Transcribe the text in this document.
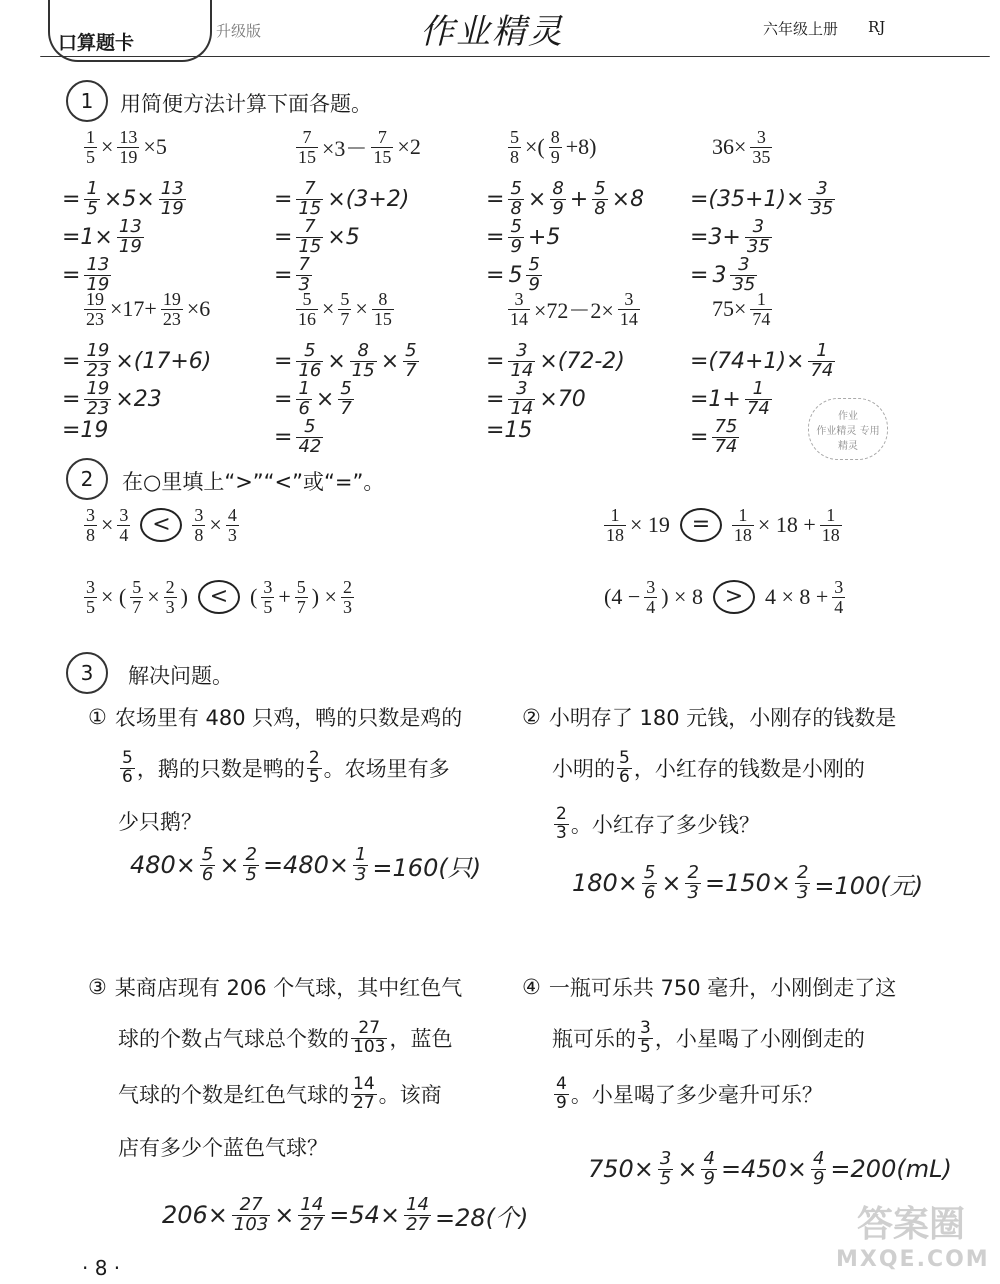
口算题卡
升级版	作业精灵	六年级上册 RJ
1	用简便方法计算下面各题。
$\frac{1}{5} \times \frac{13}{19} \times 5$
= $\frac{1}{5} \times 5\times \frac{13}{19}$
$=1\times \frac{13}{19}$
= $\frac{13}{19}$
$\frac{7}{15} \times 3- \frac{7}{15} \times 2$
= $\frac{7}{15} \times(3+2)$
= $\frac{7}{15} \times 5$
= $\frac{7}{3}$
$\frac{5}{8}$ ×( $\frac{8}{9} +8$)
= $\frac{5}{8} \times \frac{8}{9} + \frac{5}{8} \times 8$
= $\frac{5}{9} +5$
= $5 \frac{5}{9}$
$36\times \frac{3}{35}$
$=(35+1)\times \frac{3}{35}$
$=3+ \frac{3}{35}$
= $3 \frac{3}{35}$
$\frac{19}{23} \times 17+ \frac{19}{23} \times 6$
= $\frac{19}{23} \times(17+6)$
= $\frac{19}{23} \times 23$
=19
$\frac{5}{16} \times \frac{5}{7} \times \frac{8}{15}$
= $\frac{5}{16} \times \frac{8}{15} \times \frac{5}{7}$
= $\frac{1}{6} \times \frac{5}{7}$
= $\frac{5}{42}$
$\frac{3}{14} \times 72-2\times \frac{3}{14}$
= $\frac{3}{14} \times(72-2)$
= $\frac{3}{14} \times 70$
=15
$75\times \frac{1}{74}$
$=(74+1)\times \frac{1}{74}$
$=1+ \frac{1}{74}$
= $\frac{75}{74}$
2	在○里填上“>”“<”或“=”。
$\frac{3}{8} \times \frac{3}{4}$ <	$\frac{3}{8} \times \frac{4}{3}$	$\frac{1}{18} \times 19$ =	$\frac{1}{18} \times 18 + \frac{1}{18}$
$\frac{3}{5}$ × ( $\frac{5}{7} \times \frac{2}{3}$ ) < ( $\frac{3}{5} + \frac{5}{7}$ ) × $\frac{2}{3}$	($4 - \frac{3}{4}$ ) × $8 > 4 \times 8 + \frac{3}{4}$
3	解决问题。
① 农场里有 480 只鸡，鸭的只数是鸡的
$\frac{5}{6}$ ，鹅的只数是鸭的 $\frac{2}{5}$ 。农场里有多
少只鹅？
$480\times \frac{5}{6} \times \frac{2}{5} =480\times \frac{1}{3} =160$(只)
② 小明存了 180 元钱，小刚存的钱数是
小明的 $\frac{5}{6}$ ，小红存的钱数是小刚的
$\frac{2}{3}$ 。小红存了多少钱？
$180\times \frac{5}{6} \times \frac{2}{3} =150\times \frac{2}{3} =100$(元)
③ 某商店现有 206 个气球，其中红色气
球的个数占气球总个数的 $\frac{27}{103}$ ，蓝色
气球的个数是红色气球的 $\frac{14}{27}$ 。该商
店有多少个蓝色气球？
$206\times \frac{27}{103} \times \frac{14}{27} =54\times \frac{14}{27} =28$(个)
④ 一瓶可乐共 750 毫升，小刚倒走了这
瓶可乐的 $\frac{3}{5}$ ，小星喝了小刚倒走的
$\frac{4}{9}$ 。小星喝了多少毫升可乐？
$750\times \frac{3}{5} \times \frac{4}{9} =450\times \frac{4}{9} =200(mL)$
作业
作业精灵 专用
精灵
答案圈
MXQE.COM
· 8 ·
